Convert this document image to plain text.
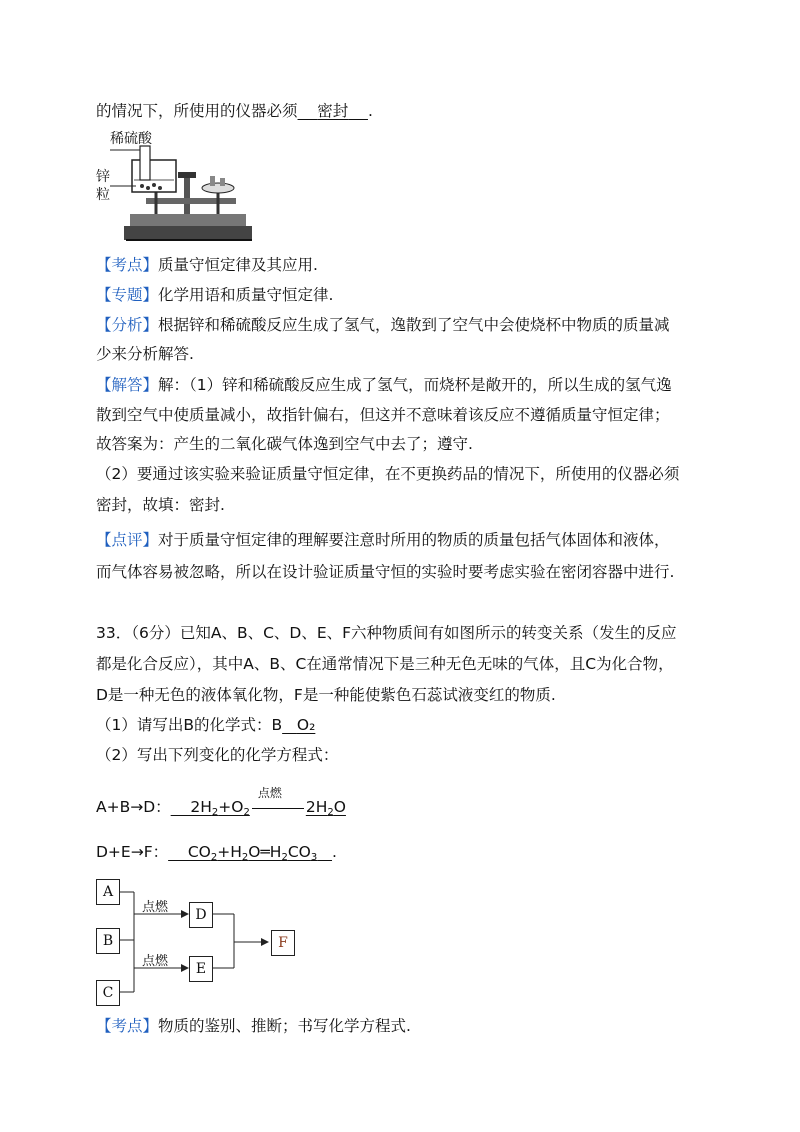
的情况下，所使用的仪器必须 密封 .
稀硫酸
锌
粒
【考点】质量守恒定律及其应用.
【专题】化学用语和质量守恒定律.
【分析】根据锌和稀硫酸反应生成了氢气，逸散到了空气中会使烧杯中物质的质量减
少来分析解答.
【解答】解：（1）锌和稀硫酸反应生成了氢气，而烧杯是敞开的，所以生成的氢气逸
散到空气中使质量减小，故指针偏右，但这并不意味着该反应不遵循质量守恒定律；
故答案为：产生的二氧化碳气体逸到空气中去了；遵守.
（2）要通过该实验来验证质量守恒定律，在不更换药品的情况下，所使用的仪器必须
密封，故填：密封.
【点评】对于质量守恒定律的理解要注意时所用的物质的质量包括气体固体和液体，
而气体容易被忽略，所以在设计验证质量守恒的实验时要考虑实验在密闭容器中进行.
33．（6分）已知A、B、C、D、E、F六种物质间有如图所示的转变关系（发生的反应
都是化合反应），其中A、B、C在通常情况下是三种无色无味的气体，且C为化合物，
D是一种无色的液体氧化物，F是一种能使紫色石蕊试液变红的物质.
（1）请写出B的化学式：B O₂
（2）写出下列变化的化学方程式：
A+B→D：    $2H_2+O_2$
点燃
$2H_2O$
D+E→F：    $CO_2+H_2O═H_2CO_3$ .
A
B
C
D
E
F
点燃
点燃
【考点】物质的鉴别、推断；书写化学方程式.
